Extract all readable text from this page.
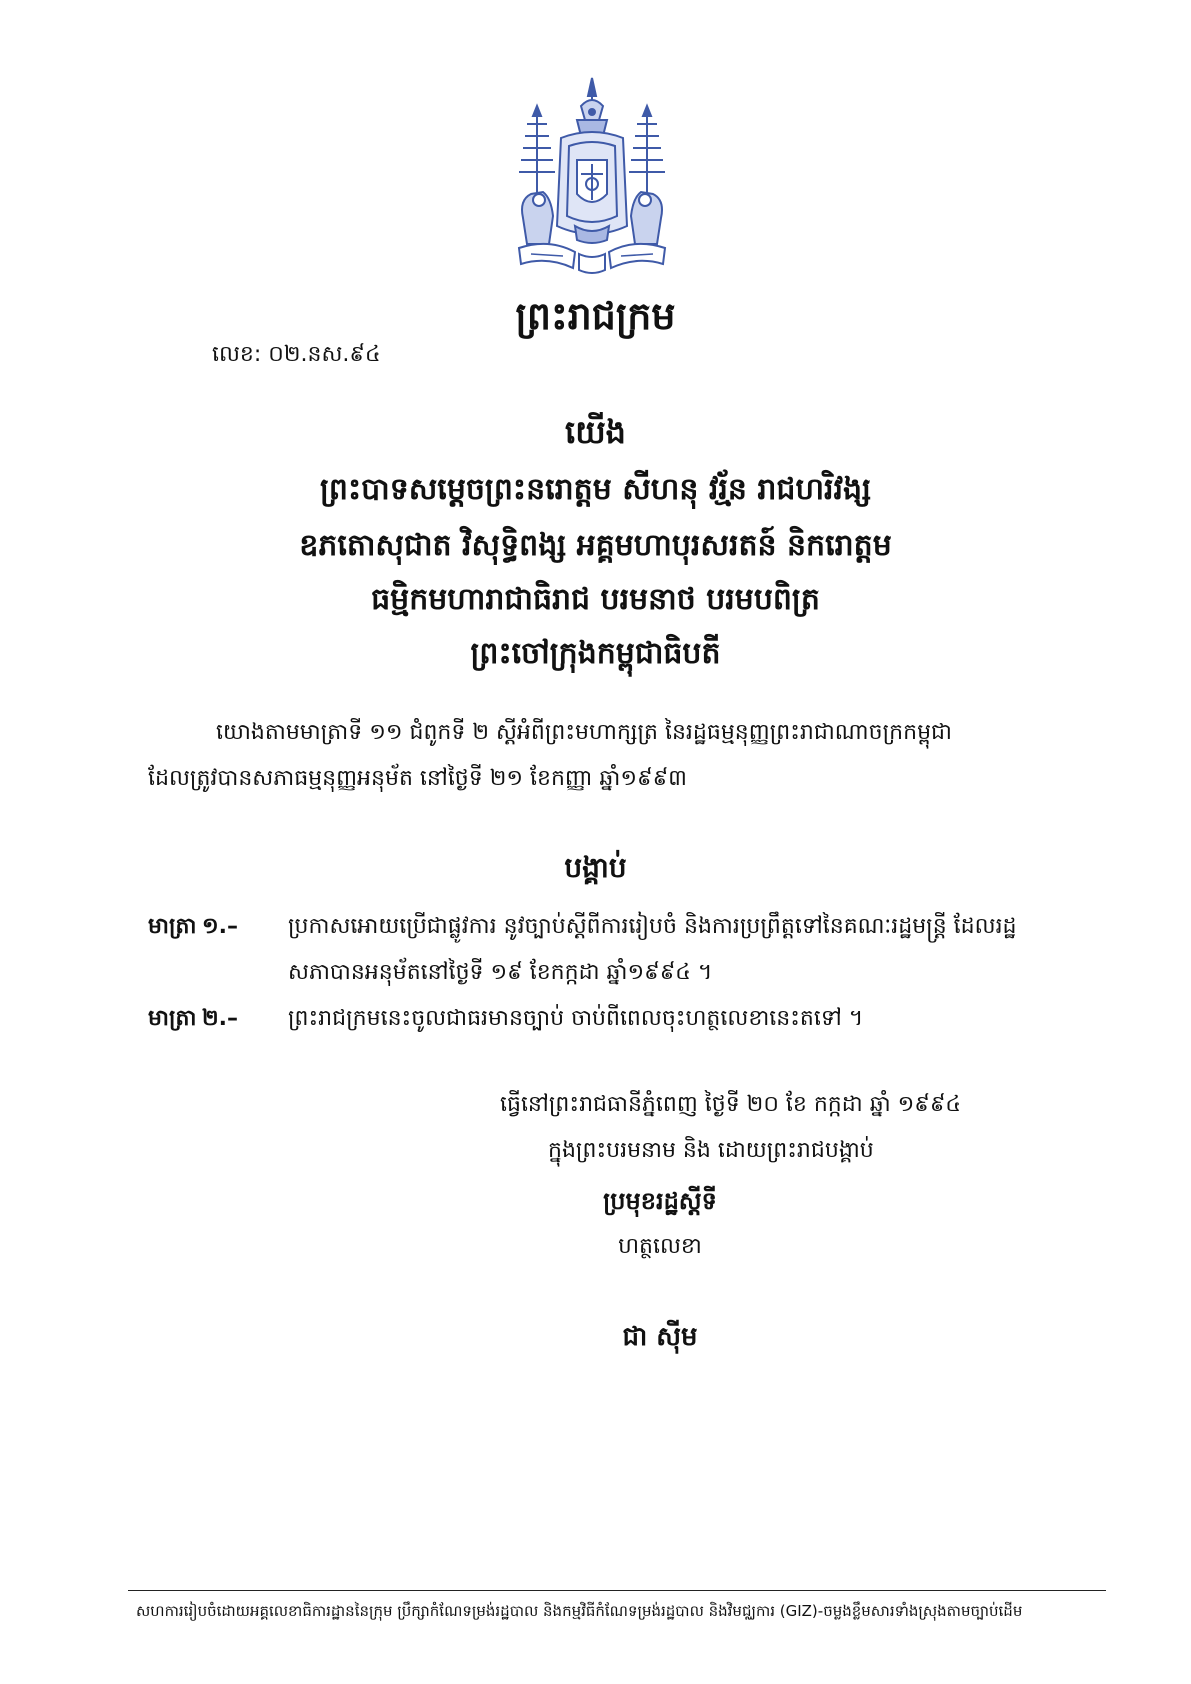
ព្រះរាជក្រម
លេខ: ០២.នស.៩៤
យើង
ព្រះបាទសម្តេចព្រះនរោត្តម សីហនុ វរ្ម័ន រាជហរិវង្ស
ឧភតោសុជាត វិសុទ្ធិពង្ស អគ្គមហាបុរសរតន៍ និករោត្តម
ធម្មិកមហារាជាធិរាជ បរមនាថ បរមបពិត្រ
ព្រះចៅក្រុងកម្ពុជាធិបតី
យោងតាមមាត្រាទី ១១ ជំពូកទី ២ ស្តីអំពីព្រះមហាក្សត្រ នៃរដ្ឋធម្មនុញ្ញព្រះរាជាណាចក្រកម្ពុជា
ដែលត្រូវបានសភាធម្មនុញ្ញអនុម័ត នៅថ្ងៃទី ២១ ខែកញ្ញា ឆ្នាំ១៩៩៣
បង្គាប់
មាត្រា ១.– ប្រកាសអោយប្រើជាផ្លូវការ នូវច្បាប់ស្តីពីការរៀបចំ និងការប្រព្រឹត្តទៅនៃគណៈរដ្ឋមន្ត្រី ដែលរដ្ឋ
សភាបានអនុម័តនៅថ្ងៃទី ១៩ ខែកក្កដា ឆ្នាំ១៩៩៤ ។
មាត្រា ២.– ព្រះរាជក្រមនេះចូលជាធរមានច្បាប់ ចាប់ពីពេលចុះហត្ថលេខានេះតទៅ ។
ធ្វើនៅព្រះរាជធានីភ្នំពេញ ថ្ងៃទី ២០ ខែ កក្កដា ឆ្នាំ ១៩៩៤
ក្នុងព្រះបរមនាម និង ដោយព្រះរាជបង្គាប់
ប្រមុខរដ្ឋស្តីទី
ហត្ថលេខា
ជា ស៊ីម
សហការរៀបចំដោយអគ្គលេខាធិការដ្ឋាននៃក្រុម ប្រឹក្សាកំណែទម្រង់រដ្ឋបាល និងកម្មវិធីកំណែទម្រង់រដ្ឋបាល និងវិមជ្ឈការ (GIZ)-ចម្លងខ្លឹមសារទាំងស្រុងតាមច្បាប់ដើម
